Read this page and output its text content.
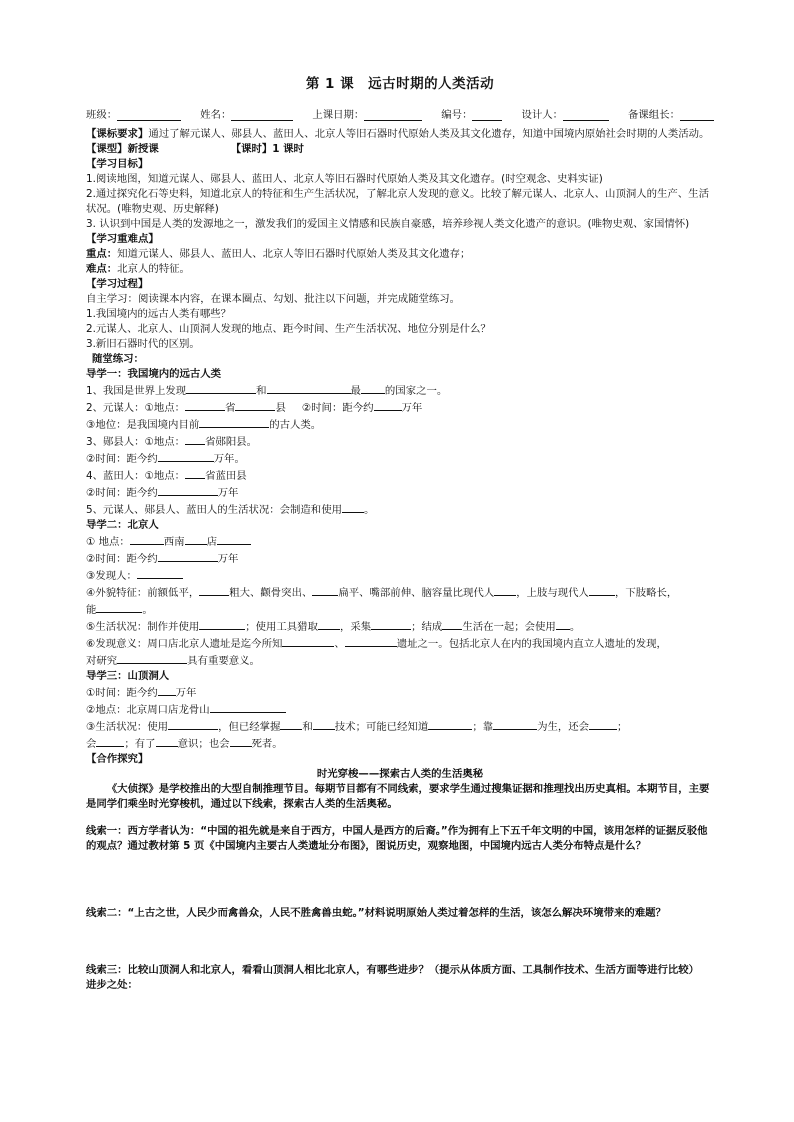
第 1 课　远古时期的人类活动
班级：	姓名：	上课日期：	编号：	设计人：	备课组长：

【课标要求】通过了解元谋人、郧县人、蓝田人、北京人等旧石器时代原始人类及其文化遗存，知道中国境内原始社会时期的人类活动。

【课型】新授课	【课时】1 课时

【学习目标】

1.阅读地图，知道元谋人、郧县人、蓝田人、北京人等旧石器时代原始人类及其文化遗存。(时空观念、史料实证)

2.通过探究化石等史料，知道北京人的特征和生产生活状况，了解北京人发现的意义。比较了解元谋人、北京人、山顶洞人的生产、生活状况。(唯物史观、历史解释)

3. 认识到中国是人类的发源地之一，激发我们的爱国主义情感和民族自豪感，培养珍视人类文化遗产的意识。(唯物史观、家国情怀)

【学习重难点】

重点：知道元谋人、郧县人、蓝田人、北京人等旧石器时代原始人类及其文化遗存；

难点：北京人的特征。

【学习过程】

自主学习：阅读课本内容，在课本圈点、勾划、批注以下问题，并完成随堂练习。

1.我国境内的远古人类有哪些？

2.元谋人、北京人、山顶洞人发现的地点、距今时间、生产生活状况、地位分别是什么？

3.新旧石器时代的区别。

随堂练习：

导学一：我国境内的远古人类

1、我国是世界上发现	和	最 的国家之一。

2、元谋人：①地点：	省	县 ②时间：距今约	万年

③地位：是我国境内目前	的古人类。

3、郧县人：①地点： 省郧阳县。

②时间：距今约	万年。

4、蓝田人：①地点： 省蓝田县

②时间：距今约	万年

5、元谋人、郧县人、蓝田人的生活状况：会制造和使用 。

导学二：北京人

① 地点：	西南 店

②时间：距今约	万年

③发现人：

④外貌特征：前额低平，	粗大、颧骨突出、	扁平、嘴部前伸、脑容量比现代人 ，上肢与现代人	，下肢略长，

能	。

⑤生活状况：制作并使用	；使用工具猎取 ，采集	；结成 生活在一起；会使用 。

⑥发现意义：周口店北京人遗址是迄今所知	、	遗址之一。包括北京人在内的我国境内直立人遗址的发现，

对研究	具有重要意义。

导学三：山顶洞人

①时间：距今约 万年

②地点：北京周口店龙骨山

③生活状况：使用	，但已经掌握 和 技术；可能已经知道	；靠	为生，还会	；

会	；有了 意识；也会 死者。

【合作探究】

时光穿梭——探索古人类的生活奥秘

《大侦探》是学校推出的大型自制推理节目。每期节目都有不同线索，要求学生通过搜集证据和推理找出历史真相。本期节目，主要是同学们乘坐时光穿梭机，通过以下线索，探索古人类的生活奥秘。

线索一：西方学者认为：“中国的祖先就是来自于西方，中国人是西方的后裔。”作为拥有上下五千年文明的中国，该用怎样的证据反驳他的观点？通过教材第 5 页《中国境内主要古人类遗址分布图》，图说历史，观察地图，中国境内远古人类分布特点是什么？

线索二：“上古之世，人民少而禽兽众，人民不胜禽兽虫蛇。”材料说明原始人类过着怎样的生活，该怎么解决环境带来的难题？

线索三：比较山顶洞人和北京人，看看山顶洞人相比北京人，有哪些进步？（提示从体质方面、工具制作技术、生活方面等进行比较）

进步之处：
